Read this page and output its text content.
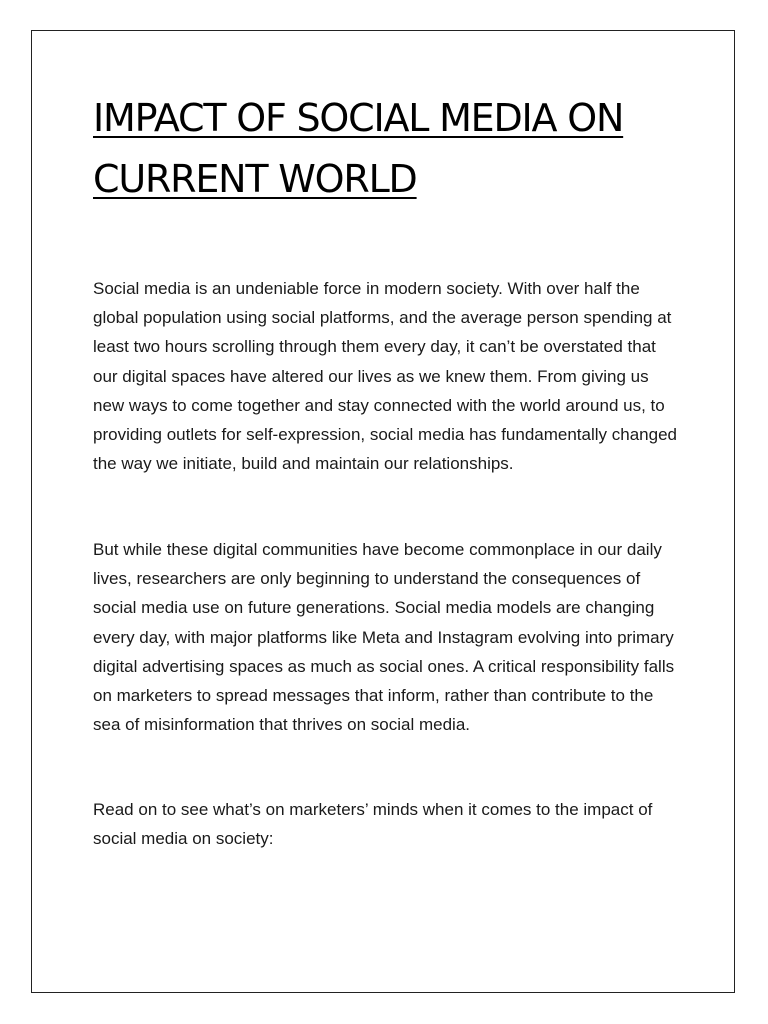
IMPACT OF SOCIAL MEDIA ON CURRENT WORLD

Social media is an undeniable force in modern society. With over half the global population using social platforms, and the average person spending at least two hours scrolling through them every day, it can’t be overstated that our digital spaces have altered our lives as we knew them. From giving us new ways to come together and stay connected with the world around us, to providing outlets for self-expression, social media has fundamentally changed the way we initiate, build and maintain our relationships.

But while these digital communities have become commonplace in our daily lives, researchers are only beginning to understand the consequences of social media use on future generations. Social media models are changing every day, with major platforms like Meta and Instagram evolving into primary digital advertising spaces as much as social ones. A critical responsibility falls on marketers to spread messages that inform, rather than contribute to the sea of misinformation that thrives on social media.

Read on to see what’s on marketers’ minds when it comes to the impact of social media on society:
